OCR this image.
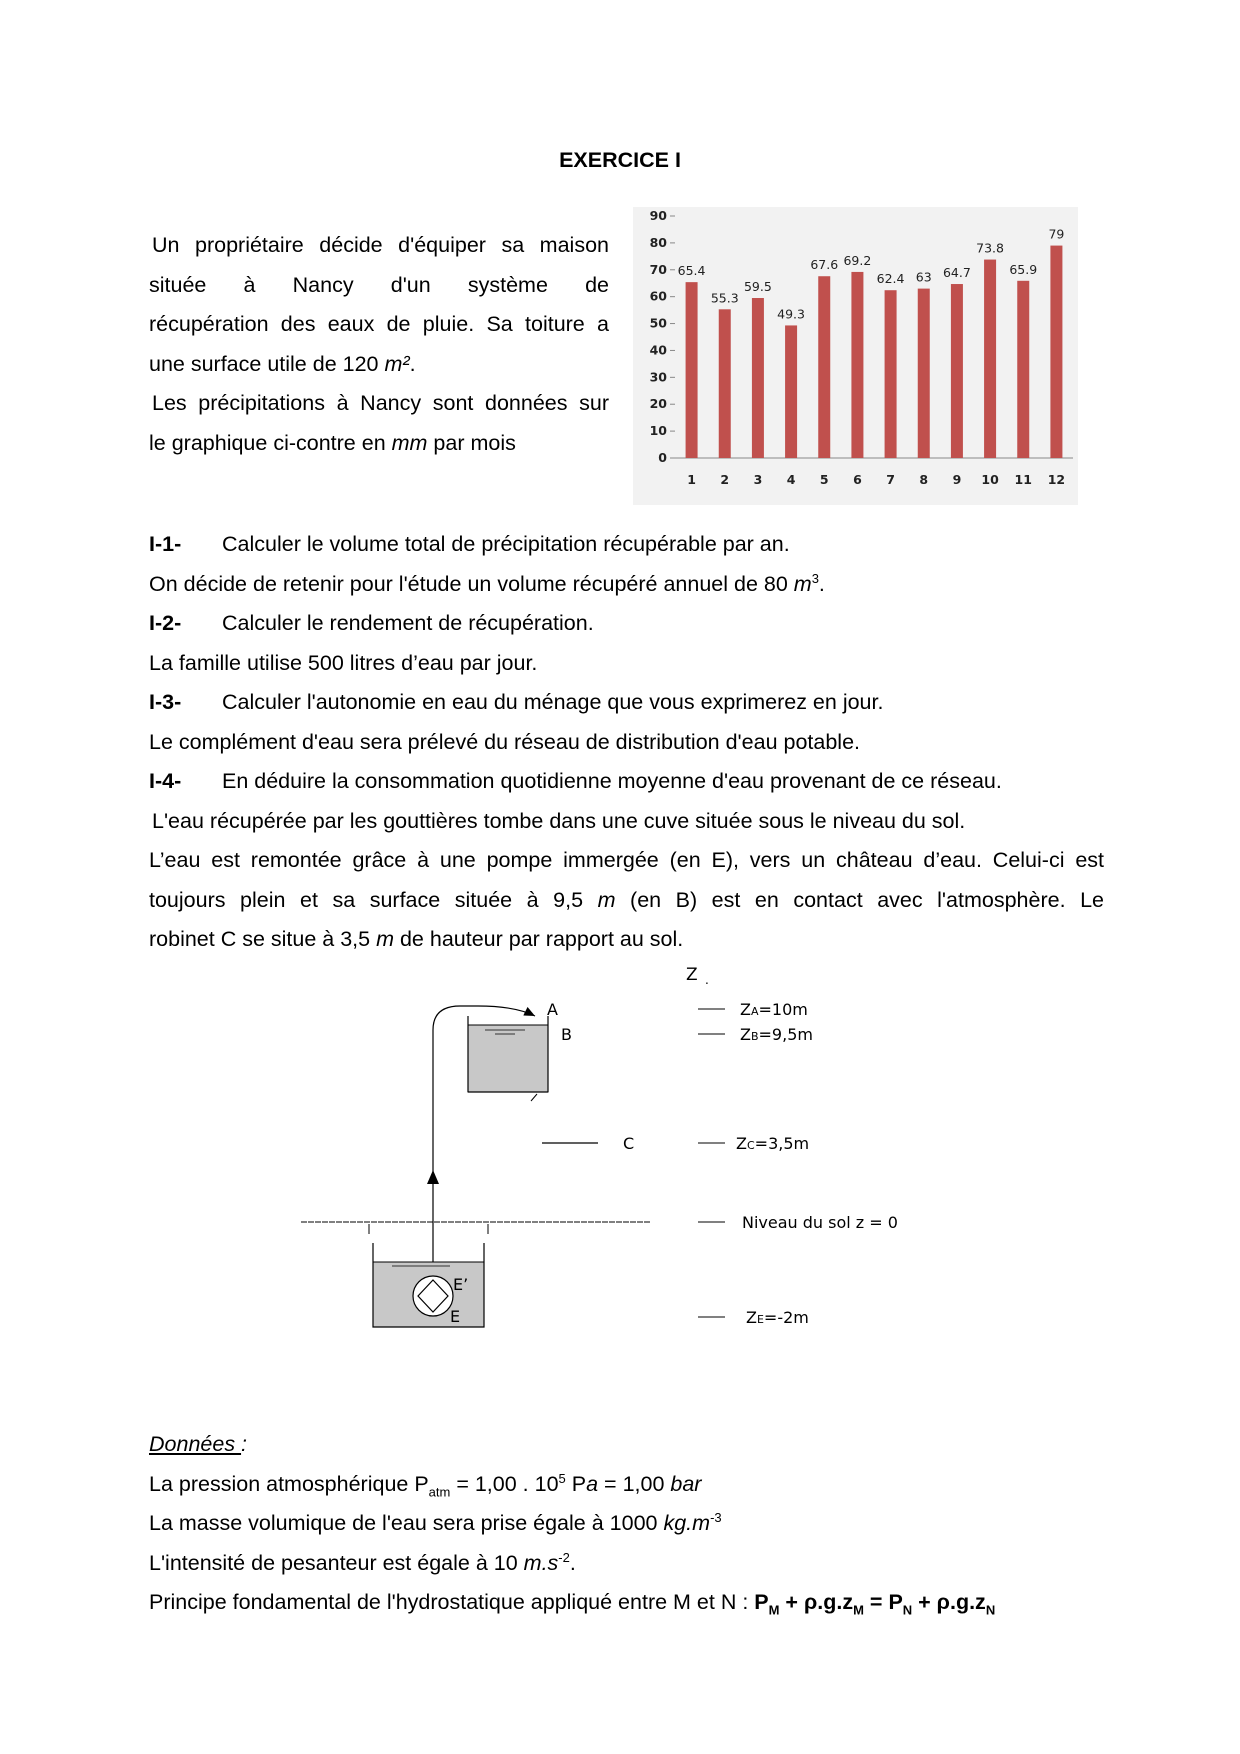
EXERCICE I

Un propriétaire décide d'équiper sa maison

située à Nancy d'un système de

récupération des eaux de pluie. Sa toiture a

une surface utile de 120 m².

Les précipitations à Nancy sont données sur

le graphique ci-contre en mm par mois

0
10
20
30
40
50
60
70
80
90
65.4
1
55.3
2
59.5
3
49.3
4
67.6
5
69.2
6
62.4
7
63
8
64.7
9
73.8
10
65.9
11
79
12
I-1- Calculer le volume total de précipitation récupérable par an.
On décide de retenir pour l'étude un volume récupéré annuel de 80 $m^3$.
I-2- Calculer le rendement de récupération.
La famille utilise 500 litres d’eau par jour.
I-3- Calculer l'autonomie en eau du ménage que vous exprimerez en jour.
Le complément d'eau sera prélevé du réseau de distribution d'eau potable.
I-4- En déduire la consommation quotidienne moyenne d'eau provenant de ce réseau.
L'eau récupérée par les gouttières tombe dans une cuve située sous le niveau du sol.
L’eau est remontée grâce à une pompe immergée (en E), vers un château d’eau. Celui-ci est
toujours plein et sa surface située à 9,5 m (en B) est en contact avec l'atmosphère. Le
robinet C se situe à 3,5 m de hauteur par rapport au sol.
Z .
A
B
C
E’
E
ZA=10m
ZB=9,5m
ZC=3,5m
Niveau du sol z = 0
ZE=-2m
Données :
La pression atmosphérique $P_{atm} = 1,00$ . $10^5$ Pa = 1,00 bar
La masse volumique de l'eau sera prise égale à 1000 $kg.m^{-3}$
L'intensité de pesanteur est égale à 10 $m.s^{-2}$.
Principe fondamental de l'hydrostatique appliqué entre M et N : $P_M + \rho.g.z_M = P_N + \rho.g.z_N$
